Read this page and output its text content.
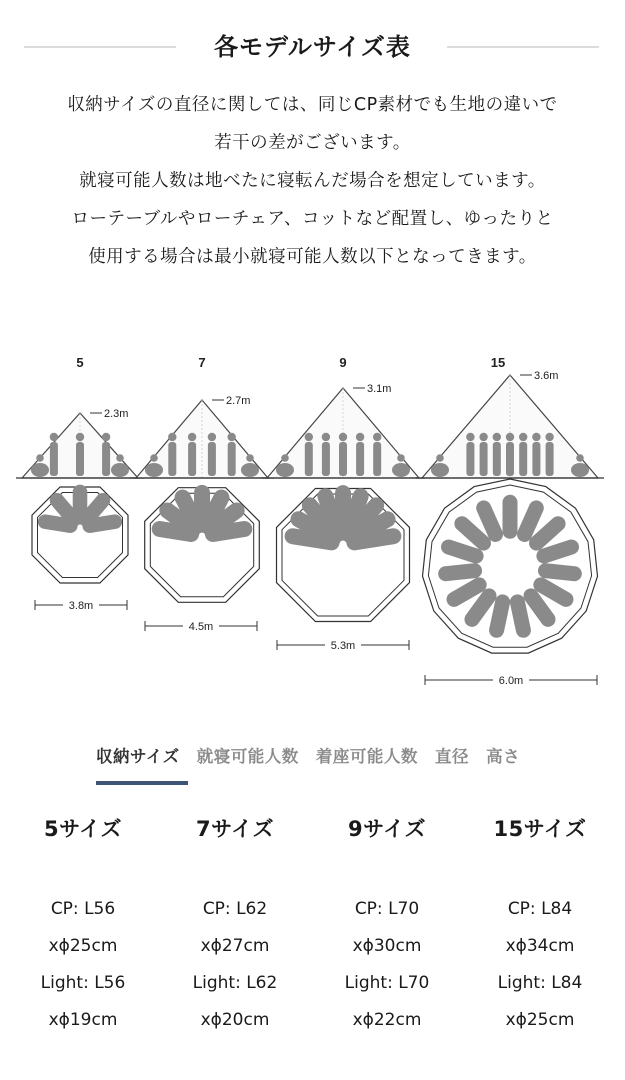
各モデルサイズ表

収納サイズの直径に関しては、同じCP素材でも生地の違いで

若干の差がございます。

就寝可能人数は地べたに寝転んだ場合を想定しています。

ローテーブルやローチェア、コットなど配置し、ゆったりと

使用する場合は最小就寝可能人数以下となってきます。

5
2.3m
3.8m
7
2.7m
4.5m
9
3.1m
5.3m
15
3.6m
6.0m
収納サイズ 就寝可能人数 着座可能人数 直径 高さ
5サイズ
CP: L56
xϕ25cm
Light: L56
xϕ19cm
7サイズ
CP: L62
xϕ27cm
Light: L62
xϕ20cm
9サイズ
CP: L70
xϕ30cm
Light: L70
xϕ22cm
15サイズ
CP: L84
xϕ34cm
Light: L84
xϕ25cm
